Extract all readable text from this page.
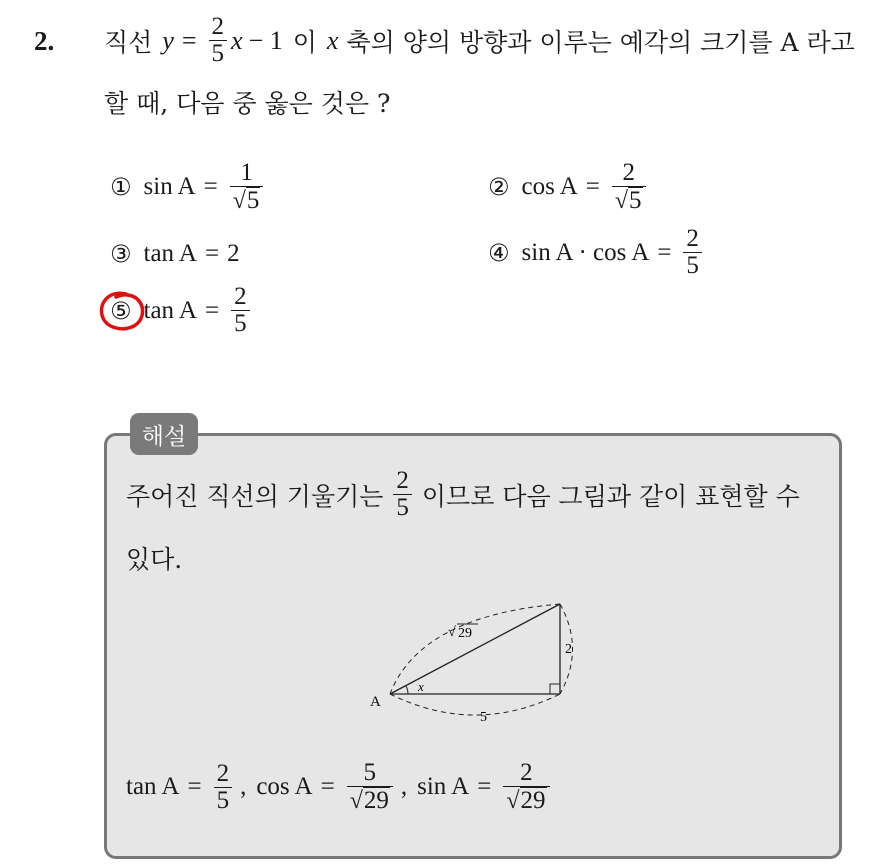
2. 직선 $y = \frac{2}{5}$ x − 1 이 x 축의 양의 방향과 이루는 예각의 크기를 A 라고
할 때, 다음 중 옳은 것은 ?
① $\sin A = \frac{1}{√ 5}$	② $\cos A = \frac{2}{√ 5}$
③ tan A = 2	④ $\sin A \cdot \cos A = \frac{2}{5}$
⑤ $\tan A = \frac{2}{5}$
해설
주어진 직선의 기울기는 $\frac{2}{5}$ 이므로 다음 그림과 같이 표현할 수
있다.
A
x
√ 29
2
5
$\tan A = \frac{2}{5}$ , $\cos A = \frac{5}{√ 29}$ , $\sin A = \frac{2}{√ 29}$
